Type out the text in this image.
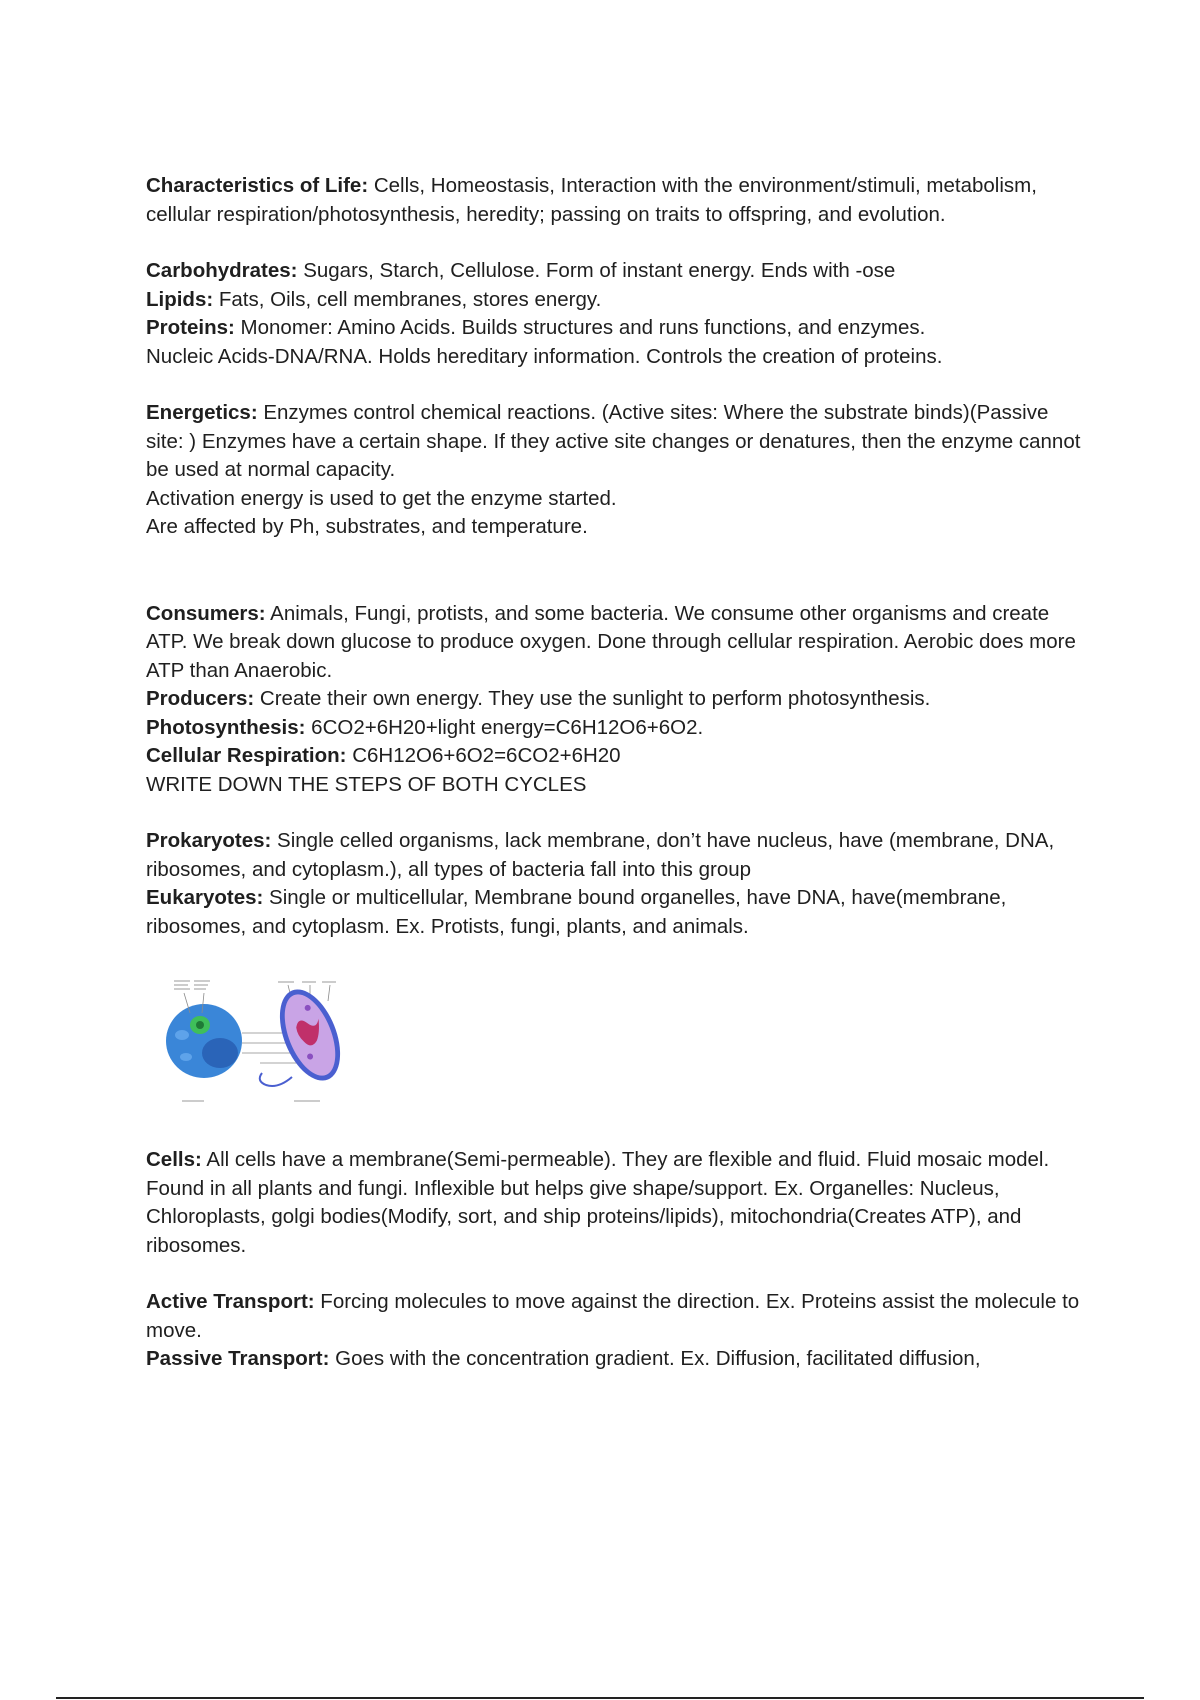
Characteristics of Life: Cells, Homeostasis, Interaction with the environment/stimuli, metabolism, cellular respiration/photosynthesis, heredity; passing on traits to offspring, and evolution.

Carbohydrates: Sugars, Starch, Cellulose. Form of instant energy. Ends with -ose

Lipids: Fats, Oils, cell membranes, stores energy.

Proteins: Monomer: Amino Acids. Builds structures and runs functions, and enzymes.

Nucleic Acids-DNA/RNA. Holds hereditary information. Controls the creation of proteins.

Energetics: Enzymes control chemical reactions. (Active sites: Where the substrate binds)(Passive site: ) Enzymes have a certain shape. If they active site changes or denatures, then the enzyme cannot be used at normal capacity.

Activation energy is used to get the enzyme started.

Are affected by Ph, substrates, and temperature.

Consumers: Animals, Fungi, protists, and some bacteria. We consume other organisms and create ATP. We break down glucose to produce oxygen. Done through cellular respiration. Aerobic does more ATP than Anaerobic.

Producers: Create their own energy. They use the sunlight to perform photosynthesis.

Photosynthesis: 6CO2+6H20+light energy=C6H12O6+6O2.

Cellular Respiration: C6H12O6+6O2=6CO2+6H20

WRITE DOWN THE STEPS OF BOTH CYCLES

Prokaryotes: Single celled organisms, lack membrane, don’t have nucleus, have (membrane, DNA, ribosomes, and cytoplasm.), all types of bacteria fall into this group

Eukaryotes: Single or multicellular, Membrane bound organelles, have DNA, have(membrane, ribosomes, and cytoplasm. Ex. Protists, fungi, plants, and animals.

Cells: All cells have a membrane(Semi-permeable). They are flexible and fluid. Fluid mosaic model. Found in all plants and fungi. Inflexible but helps give shape/support. Ex. Organelles: Nucleus, Chloroplasts, golgi bodies(Modify, sort, and ship proteins/lipids), mitochondria(Creates ATP), and ribosomes.

Active Transport: Forcing molecules to move against the direction. Ex. Proteins assist the molecule to move.

Passive Transport: Goes with the concentration gradient. Ex. Diffusion, facilitated diffusion,
